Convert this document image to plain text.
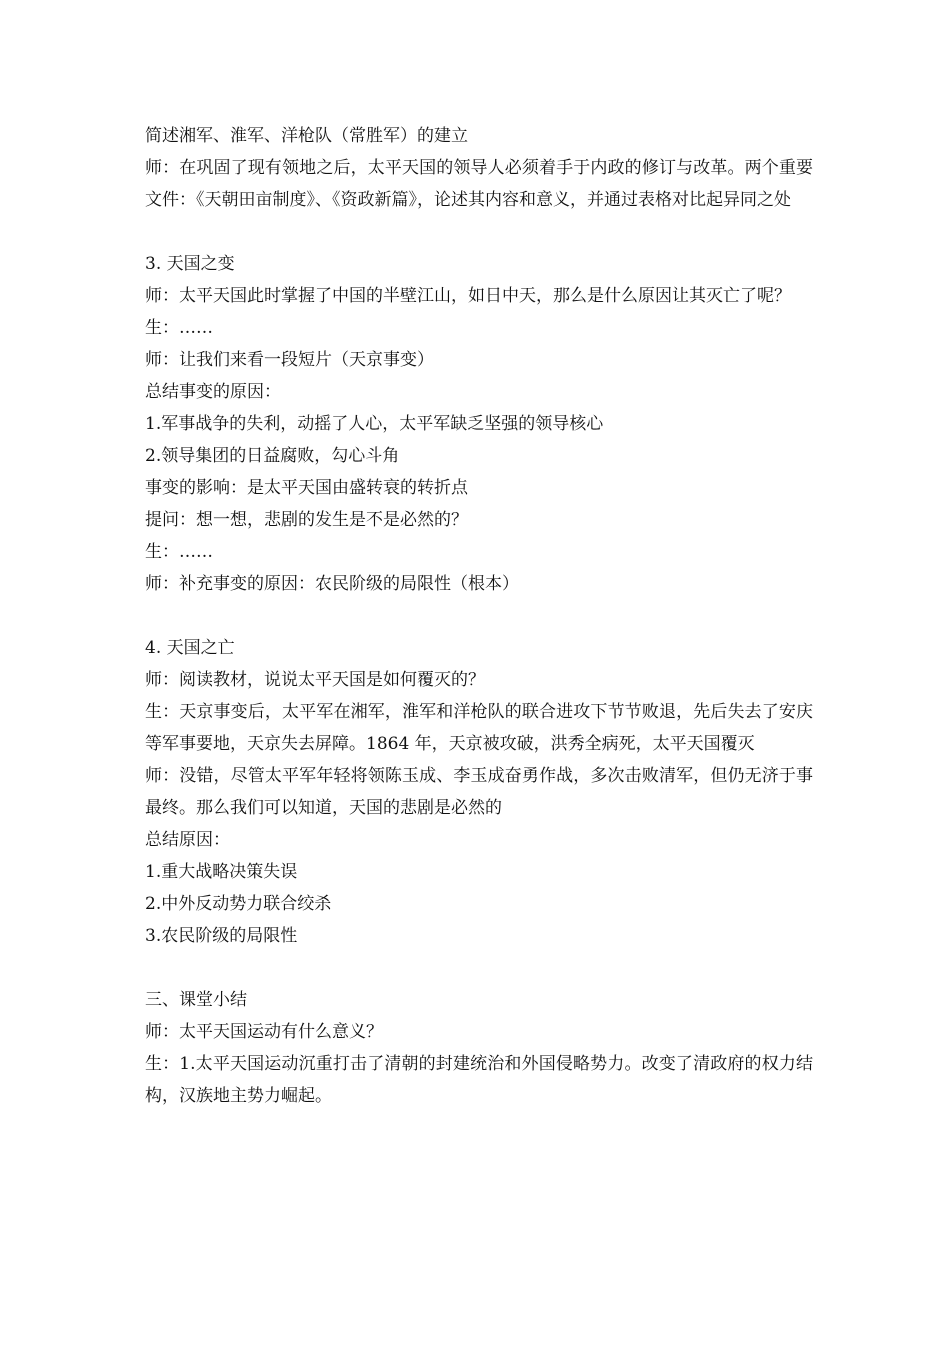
简述湘军、淮军、洋枪队（常胜军）的建立

师：在巩固了现有领地之后，太平天国的领导人必须着手于内政的修订与改革。两个重要文件：《天朝田亩制度》、《资政新篇》，论述其内容和意义，并通过表格对比起异同之处

3. 天国之变

师：太平天国此时掌握了中国的半壁江山，如日中天，那么是什么原因让其灭亡了呢？

生：……

师：让我们来看一段短片（天京事变）

总结事变的原因：

1.军事战争的失利，动摇了人心，太平军缺乏坚强的领导核心

2.领导集团的日益腐败，勾心斗角

事变的影响：是太平天国由盛转衰的转折点

提问：想一想，悲剧的发生是不是必然的？

生：……

师：补充事变的原因：农民阶级的局限性（根本）

4. 天国之亡

师：阅读教材，说说太平天国是如何覆灭的？

生：天京事变后，太平军在湘军，淮军和洋枪队的联合进攻下节节败退，先后失去了安庆等军事要地，天京失去屏障。1864 年，天京被攻破，洪秀全病死，太平天国覆灭

师：没错，尽管太平军年轻将领陈玉成、李玉成奋勇作战，多次击败清军，但仍无济于事最终。那么我们可以知道，天国的悲剧是必然的

总结原因：

1.重大战略决策失误

2.中外反动势力联合绞杀

3.农民阶级的局限性

三、课堂小结

师：太平天国运动有什么意义？

生：1.太平天国运动沉重打击了清朝的封建统治和外国侵略势力。改变了清政府的权力结构，汉族地主势力崛起。
